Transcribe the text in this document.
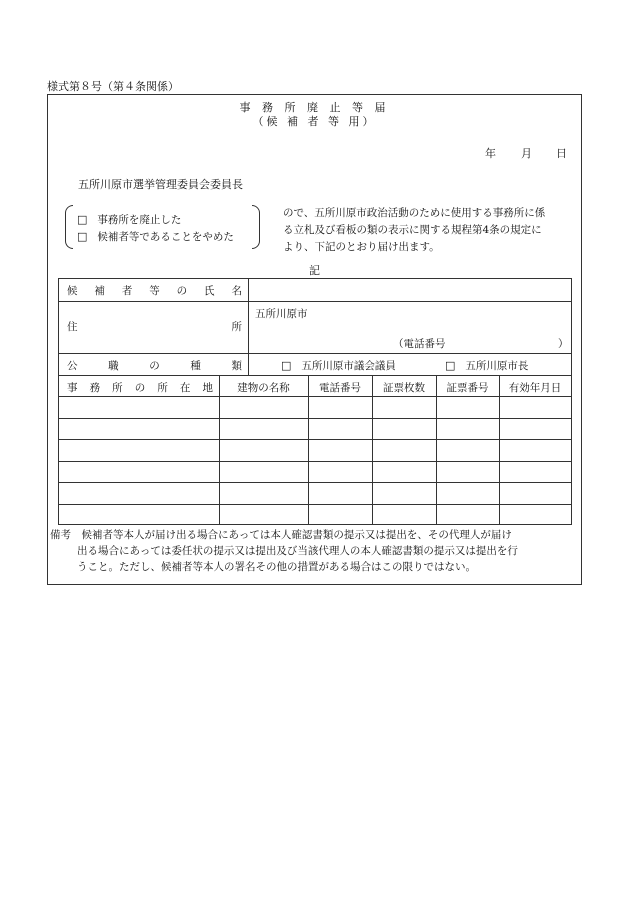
様式第８号（第４条関係）
事 務 所 廃 止 等 届
（候 補 者 等 用）
年 月 日
五所川原市選挙管理委員会委員長
□ 事務所を廃止した
□ 候補者等であることをやめた
ので、五所川原市政治活動のために使用する事務所に係
る立札及び看板の類の表示に関する規程第4条の規定に
より、下記のとおり届け出ます。
記
候 補 者 等 の 氏 名
住	所
五所川原市
（電話番号	）
公	職	の	種	類	□ 五所川原市議会議員	□ 五所川原市長
事 務 所 の 所 在 地	建物の名称	電話番号	証票枚数	証票番号	有効年月日
備考　候補者等本人が届け出る場合にあっては本人確認書類の提示又は提出を、その代理人が届け
出る場合にあっては委任状の提示又は提出及び当該代理人の本人確認書類の提示又は提出を行
うこと。ただし、候補者等本人の署名その他の措置がある場合はこの限りではない。
